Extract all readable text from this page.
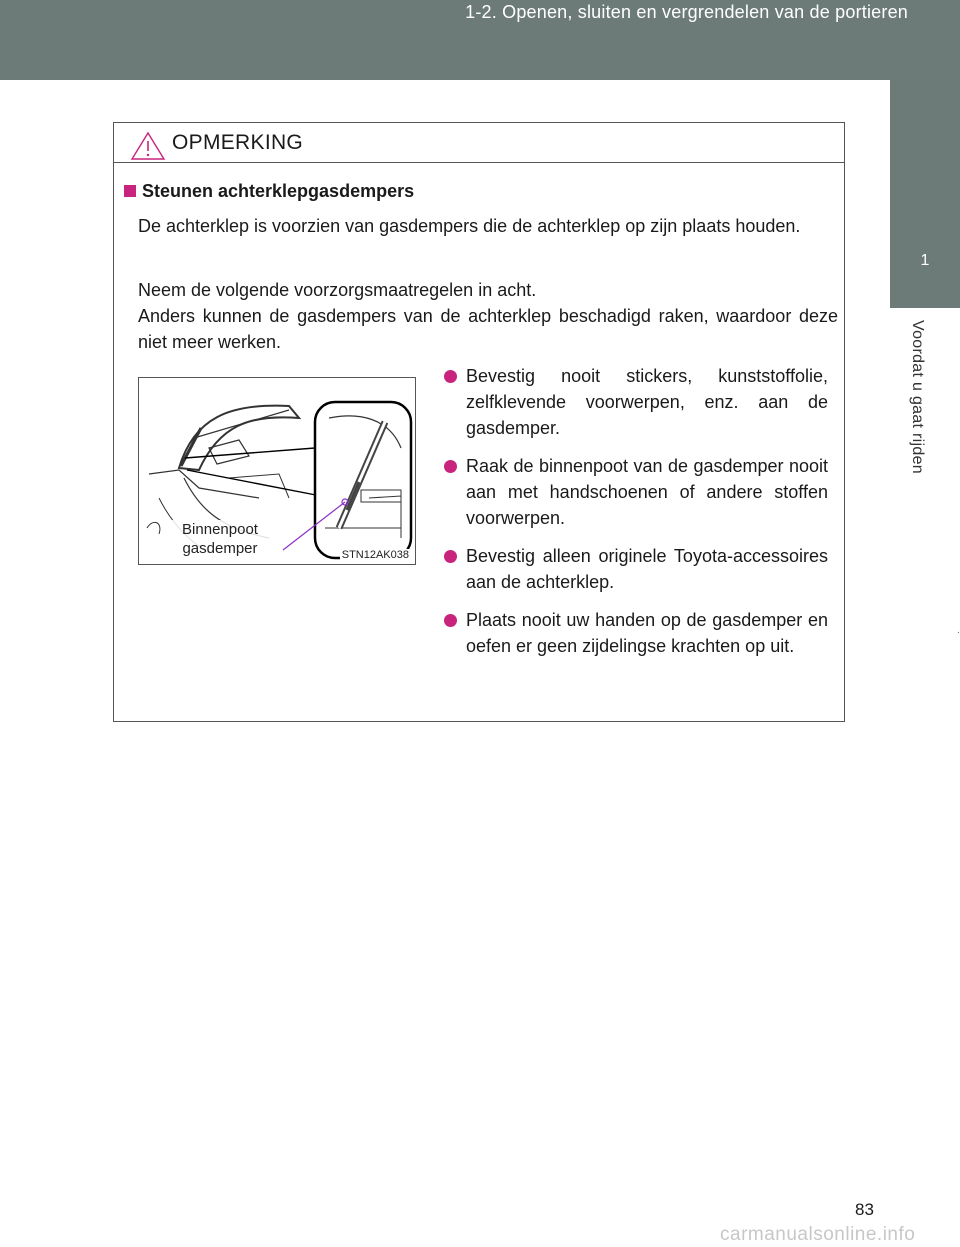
1-2. Openen, sluiten en vergrendelen van de portieren
1
Voordat u gaat rijden
.
OPMERKING
Steunen achterklepgasdempers
De achterklep is voorzien van gasdempers die de achterklep op zijn plaats houden.
Neem de volgende voorzorgsmaatregelen in acht.
Anders kunnen de gasdempers van de achterklep beschadigd raken, waardoor deze niet meer werken.
Binnenpoot
gasdemper	STN12AK038
Bevestig nooit stickers, kunststoffolie, zelfklevende voorwerpen, enz. aan de gasdemper.
Raak de binnenpoot van de gasdemper nooit aan met handschoenen of andere stoffen voorwerpen.
Bevestig alleen originele Toyota-accessoires aan de achterklep.
Plaats nooit uw handen op de gasdemper en oefen er geen zijdelingse krachten op uit.
83
carmanualsonline.info
